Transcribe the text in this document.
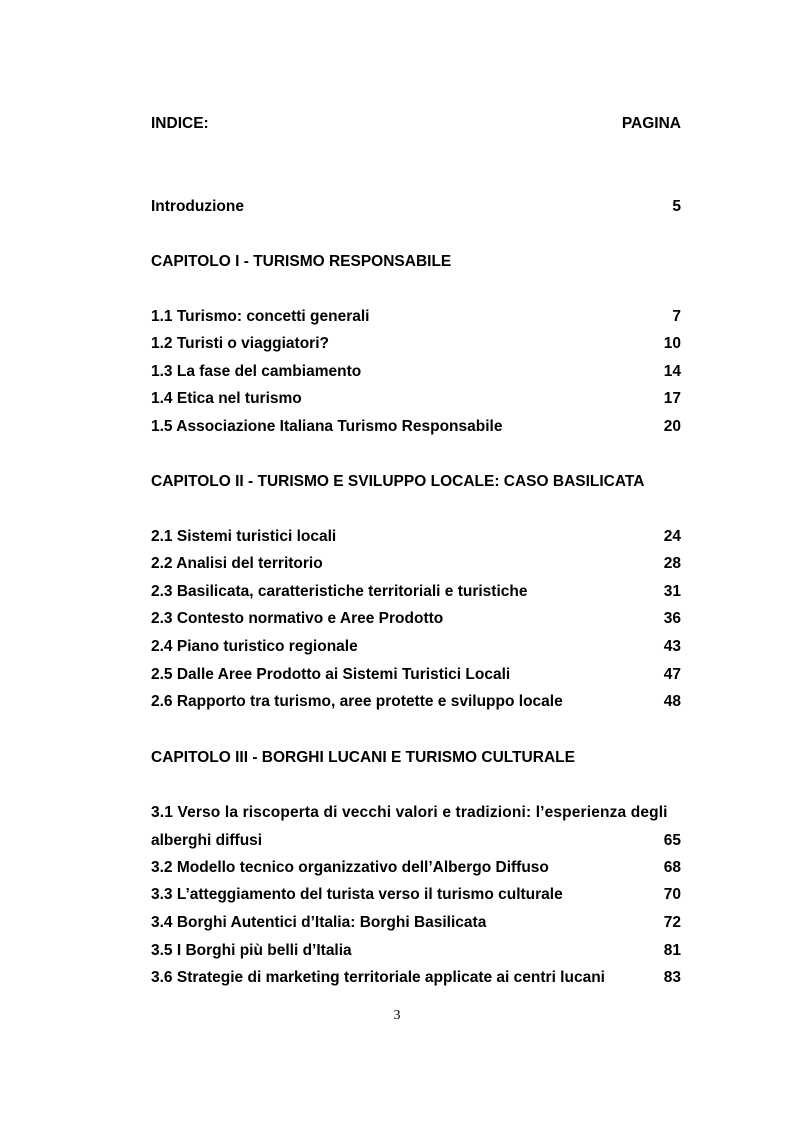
INDICE:	PAGINA
Introduzione	5
CAPITOLO I - TURISMO RESPONSABILE
1.1 Turismo: concetti generali	7
1.2 Turisti o viaggiatori?	10
1.3 La fase del cambiamento	14
1.4 Etica nel turismo	17
1.5 Associazione Italiana Turismo Responsabile	20
CAPITOLO II - TURISMO E SVILUPPO LOCALE: CASO BASILICATA
2.1 Sistemi turistici locali	24
2.2 Analisi del territorio	28
2.3 Basilicata, caratteristiche territoriali e turistiche	31
2.3 Contesto normativo e Aree Prodotto	36
2.4 Piano turistico regionale	43
2.5 Dalle Aree Prodotto ai Sistemi Turistici Locali	47
2.6 Rapporto tra turismo, aree protette e sviluppo locale	48
CAPITOLO III - BORGHI LUCANI E TURISMO CULTURALE
3.1 Verso la riscoperta di vecchi valori e tradizioni: l’esperienza degli
alberghi diffusi	65
3.2 Modello tecnico organizzativo dell’Albergo Diffuso	68
3.3 L’atteggiamento del turista verso il turismo culturale	70
3.4 Borghi Autentici d’Italia: Borghi Basilicata	72
3.5 I Borghi più belli d’Italia	81
3.6 Strategie di marketing territoriale applicate ai centri lucani	83
3
